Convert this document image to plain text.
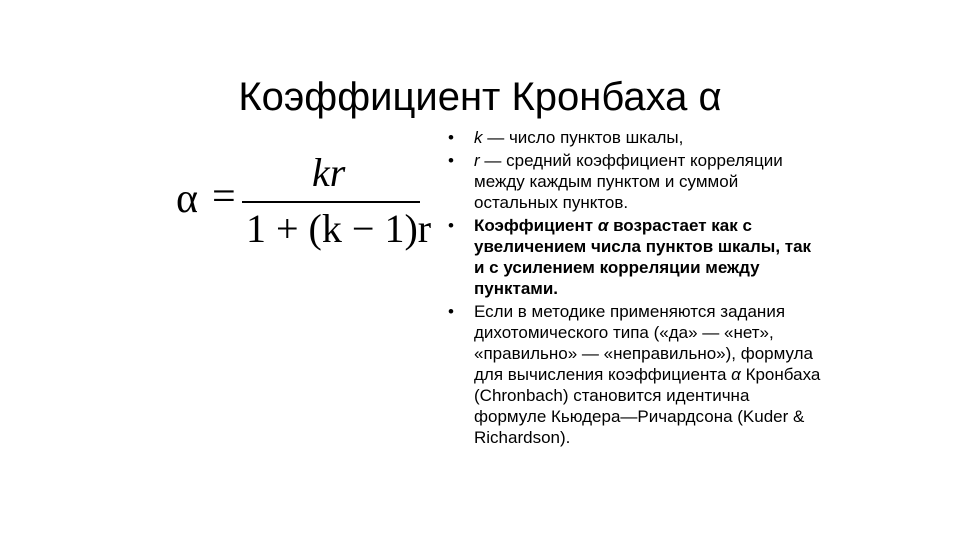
Коэффициент Кронбаха α
α =
kr
1 + (k − 1)r
• k — число пунктов шкалы,
• r — средний коэффициент корреляции между каждым пунктом и суммой остальных пунктов.
• Коэффициент α возрастает как с увеличением числа пунктов шкалы, так и с усилением корреляции между пунктами.
• Если в методике применяются задания дихотомического типа («да» — «нет», «правильно» — «неправильно»), формула для вычисления коэффициента α Кронбаха (Chronbach) становится идентична формуле Кьюдера—Ричардсона (Kuder & Richardson).
